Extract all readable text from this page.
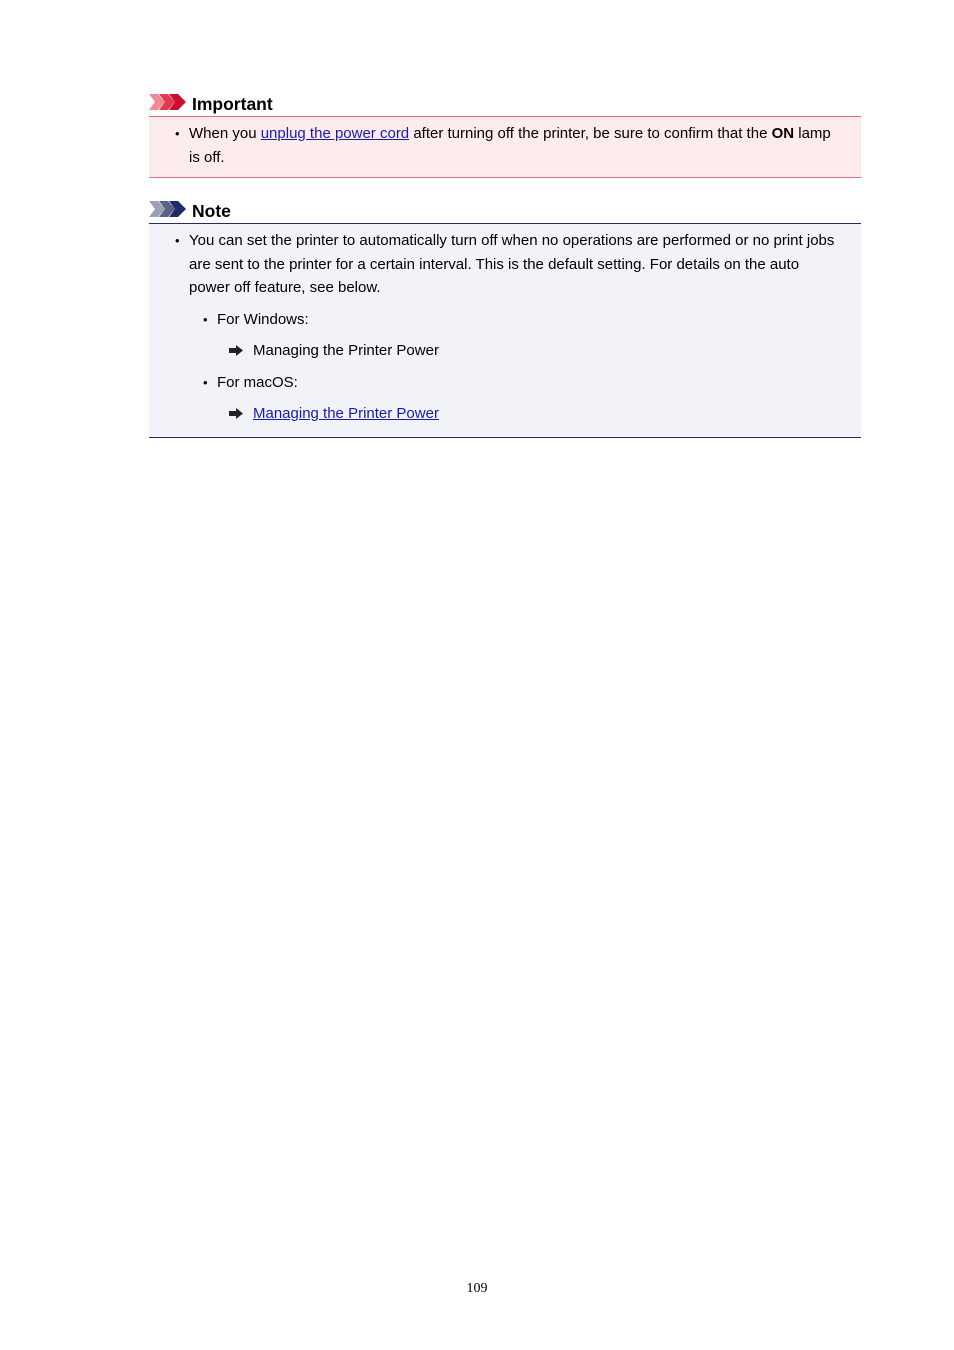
Important
• When you unplug the power cord after turning off the printer, be sure to confirm that the ON lamp is off.
Note
• You can set the printer to automatically turn off when no operations are performed or no print jobs are sent to the printer for a certain interval. This is the default setting. For details on the auto power off feature, see below.
• For Windows:
Managing the Printer Power
• For macOS:
Managing the Printer Power
109
